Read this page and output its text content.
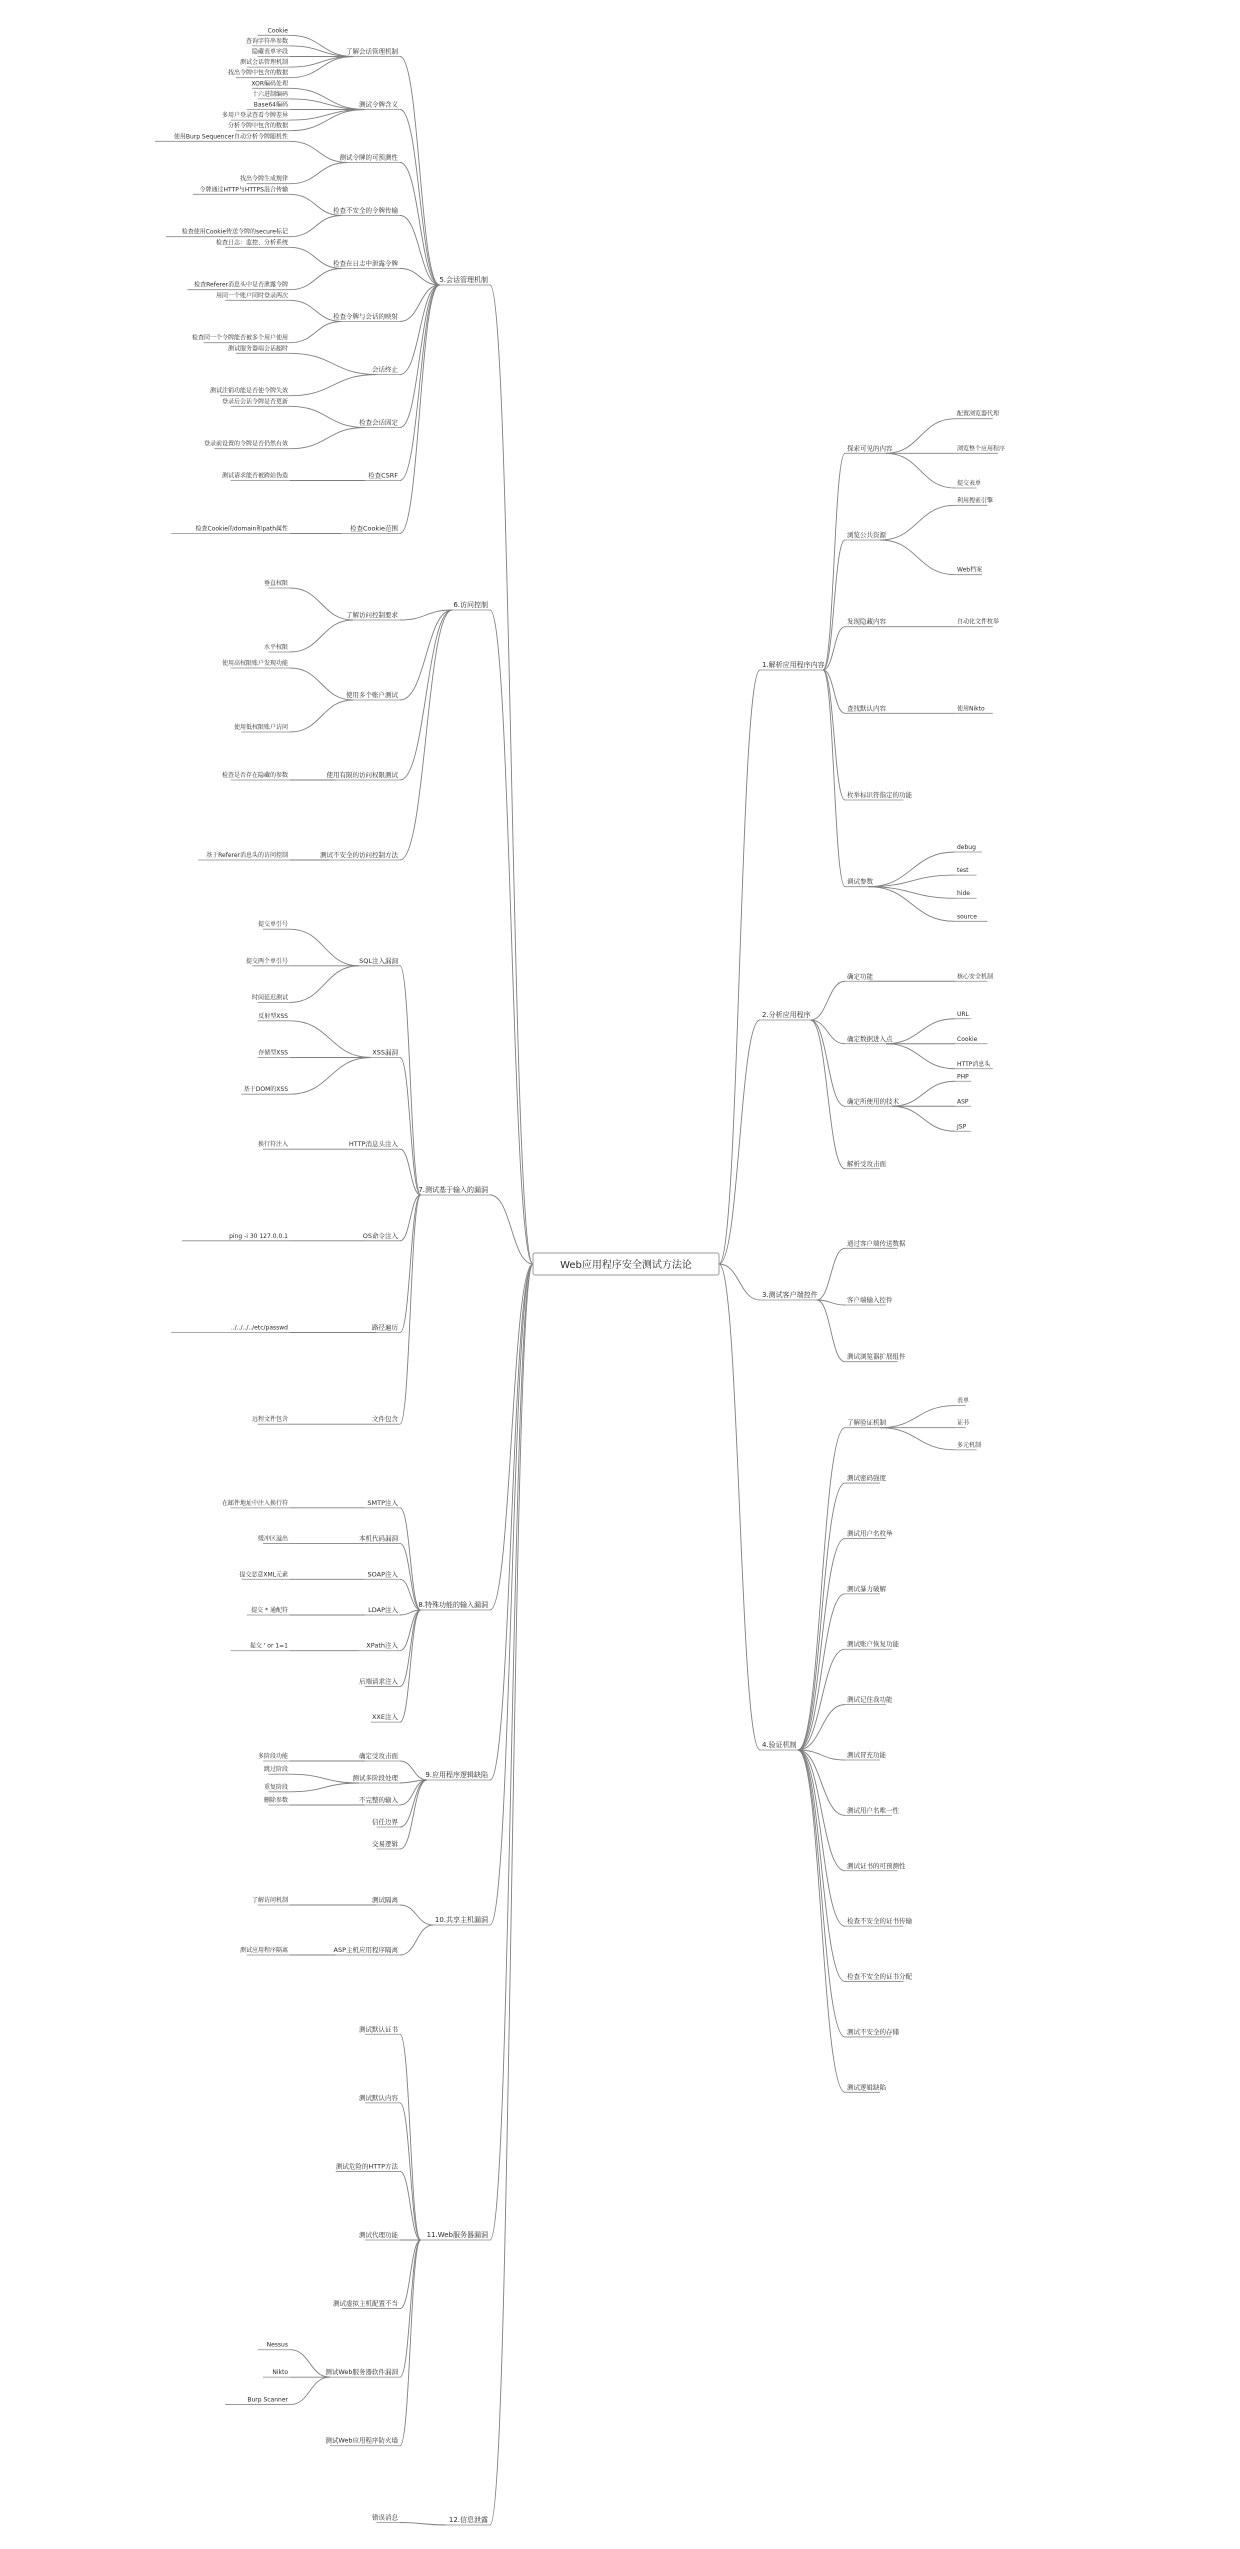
5.会话管理机制
了解会话管理机制
Cookie
查询字符串参数
隐藏表单字段
测试会话管理机制
找出令牌中包含的数据
测试令牌含义
XOR编码处理
十六进制编码
Base64编码
多用户登录查看令牌差异
分析令牌中包含的数据
测试令牌的可预测性
使用Burp Sequencer自动分析令牌随机性
找出令牌生成规律
检查不安全的令牌传输
令牌通过HTTP与HTTPS混合传输
检查使用Cookie传送令牌的secure标记
检查在日志中泄露令牌
检查日志：监控、分析系统
检查Referer消息头中是否泄露令牌
检查令牌与会话的映射
用同一个账户同时登录两次
检查同一个令牌能否被多个用户使用
会话终止
测试服务器端会话超时
测试注销功能是否使令牌失效
检查会话固定
登录后会话令牌是否更新
登录前设置的令牌是否仍然有效
检查CSRF
测试请求能否被跨站伪造
检查Cookie范围
检查Cookie的domain和path属性
6.访问控制
了解访问控制要求
垂直权限
水平权限
使用多个账户测试
使用高权限账户发现功能
使用低权限账户访问
使用有限的访问权限测试
检查是否存在隐藏的参数
测试不安全的访问控制方法
基于Referer消息头的访问控制
7.测试基于输入的漏洞
SQL注入漏洞
提交单引号
提交两个单引号
时间延迟测试
XSS漏洞
反射型XSS
存储型XSS
基于DOM的XSS
HTTP消息头注入
换行符注入
OS命令注入
ping -i 30 127.0.0.1
路径遍历
../../../../etc/passwd
文件包含
远程文件包含
8.特殊功能的输入漏洞
SMTP注入
在邮件地址中注入换行符
本机代码漏洞
缓冲区溢出
SOAP注入
提交恶意XML元素
LDAP注入
提交 * 通配符
XPath注入
提交 ' or 1=1
后端请求注入
XXE注入
9.应用程序逻辑缺陷
确定受攻击面
多阶段功能
测试多阶段处理
跳过阶段
重复阶段
不完整的输入
删除参数
信任边界
交易逻辑
10.共享主机漏洞
测试隔离
了解访问机制
ASP主机应用程序隔离
测试应用程序隔离
11.Web服务器漏洞
测试默认证书
测试默认内容
测试危险的HTTP方法
测试代理功能
测试虚拟主机配置不当
测试Web服务器软件漏洞
Nessus
Nikto
Burp Scanner
测试Web应用程序防火墙
12.信息泄露
错误消息
1.解析应用程序内容
探索可见的内容
配置浏览器代理
浏览整个应用程序
提交表单
浏览公共资源
利用搜索引擎
Web档案
发现隐藏内容	自动化文件枚举
查找默认内容	使用Nikto
枚举标识符指定的功能
调试参数
debug
test
hide
source
2.分析应用程序
确定功能	核心安全机制
确定数据进入点
URL
Cookie
HTTP消息头
确定所使用的技术
PHP
ASP
JSP
解析受攻击面
3.测试客户端控件
通过客户端传送数据
客户端输入控件
测试浏览器扩展组件
4.验证机制
了解验证机制
表单
证书
多元机制
测试密码强度
测试用户名枚举
测试暴力破解
测试账户恢复功能
测试记住我功能
测试冒充功能
测试用户名唯一性
测试证书的可预测性
检查不安全的证书传输
检查不安全的证书分配
测试不安全的存储
测试逻辑缺陷
Web应用程序安全测试方法论
